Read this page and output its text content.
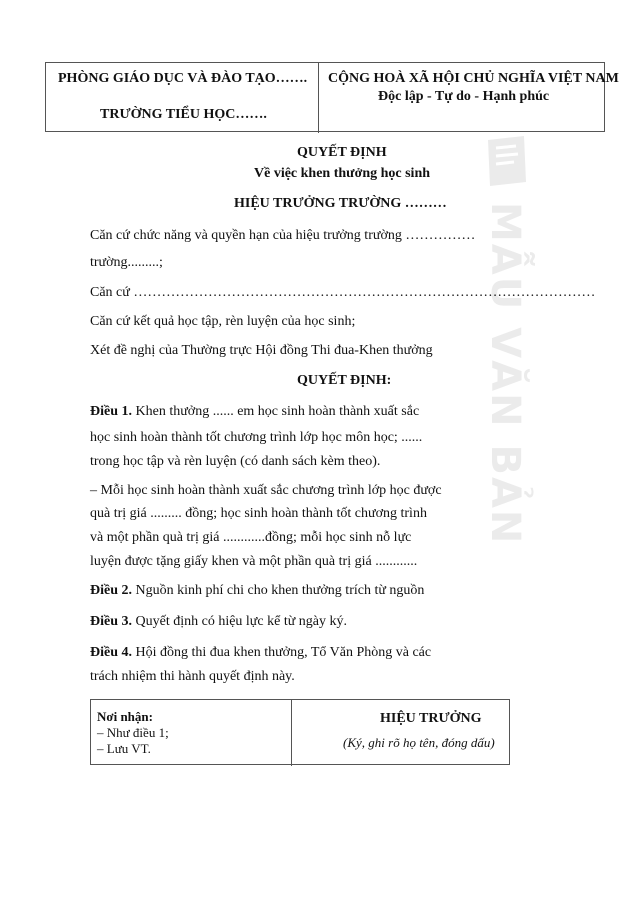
MẪU VĂN BẢN
PHÒNG GIÁO DỤC VÀ ĐÀO TẠO…….
TRƯỜNG TIỂU HỌC…….
CỘNG HOÀ XÃ HỘI CHỦ NGHĨA VIỆT NAM
Độc lập - Tự do - Hạnh phúc
QUYẾT ĐỊNH
Về việc khen thưởng học sinh
HIỆU TRƯỞNG TRƯỜNG ………
Căn cứ chức năng và quyền hạn của hiệu trưởng trường ……………
trường.........;
Căn cứ ………………………………………………………………………………………
Căn cứ kết quả học tập, rèn luyện của học sinh;
Xét đề nghị của Thường trực Hội đồng Thi đua-Khen thưởng
QUYẾT ĐỊNH:
Điều 1. Khen thưởng ...... em học sinh hoàn thành xuất sắc
học sinh hoàn thành tốt chương trình lớp học môn học; ......
trong học tập và rèn luyện (có danh sách kèm theo).
– Mỗi học sinh hoàn thành xuất sắc chương trình lớp học được
quà trị giá ......... đồng; học sinh hoàn thành tốt chương trình
và một phần quà trị giá ............đồng; mỗi học sinh nỗ lực
luyện được tặng giấy khen và một phần quà trị giá ............
Điều 2. Nguồn kinh phí chi cho khen thưởng trích từ nguồn
Điều 3. Quyết định có hiệu lực kể từ ngày ký.
Điều 4. Hội đồng thi đua khen thưởng, Tổ Văn Phòng và các
trách nhiệm thi hành quyết định này.
Nơi nhận:
– Như điều 1;
– Lưu VT.
HIỆU TRƯỞNG
(Ký, ghi rõ họ tên, đóng dấu)
